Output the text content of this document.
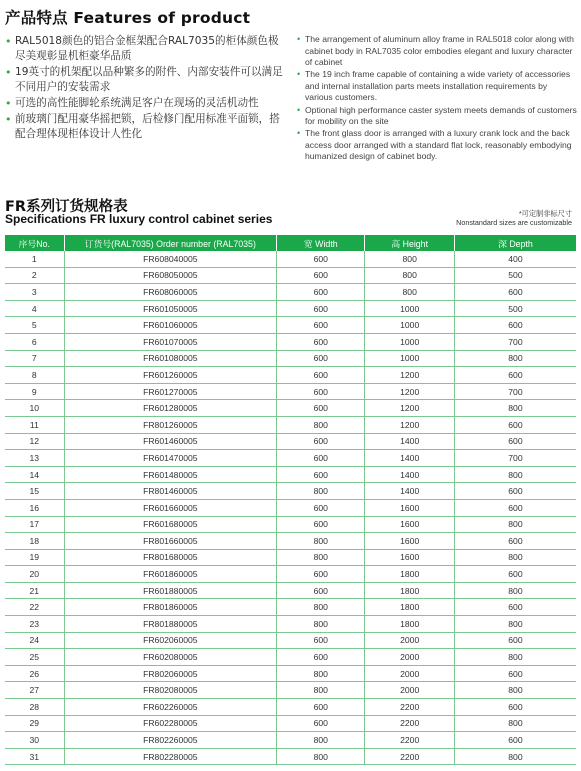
产品特点 Features of product
• RAL5018颜色的铝合金框架配合RAL7035的柜体颜色极尽美观彰显机柜豪华品质
• 19英寸的机架配以品种繁多的附件、内部安装件可以满足不同用户的安装需求
• 可选的高性能脚轮系统满足客户在现场的灵活机动性
• 前玻璃门配用豪华摇把锁，后检修门配用标准平面锁，搭配合理体现柜体设计人性化
• The arrangement of aluminum alloy frame in RAL5018 color along with cabinet body in RAL7035 color embodies elegant and luxury character of cabinet
• The 19 inch frame capable of containing a wide variety of accessories and internal installation parts meets installation requirements by various customers.
• Optional high performance caster system meets demands of customers for mobility on the site
• The front glass door is arranged with a luxury crank lock and the back access door arranged with a standard flat lock, reasonably embodying humanized design of cabinet body.
FR系列订货规格表
Specifications FR luxury control cabinet series	*可定制非标尺寸
Nonstandard sizes are customizable
序号No.	订货号(RAL7035) Order number (RAL7035)	宽 Width	高 Height	深 Depth
1	FR608040005	600	800	400
2	FR608050005	600	800	500
3	FR608060005	600	800	600
4	FR601050005	600	1000	500
5	FR601060005	600	1000	600
6	FR601070005	600	1000	700
7	FR601080005	600	1000	800
8	FR601260005	600	1200	600
9	FR601270005	600	1200	700
10	FR601280005	600	1200	800
11	FR801260005	800	1200	600
12	FR601460005	600	1400	600
13	FR601470005	600	1400	700
14	FR601480005	600	1400	800
15	FR801460005	800	1400	600
16	FR601660005	600	1600	600
17	FR601680005	600	1600	800
18	FR801660005	800	1600	600
19	FR801680005	800	1600	800
20	FR601860005	600	1800	600
21	FR601880005	600	1800	800
22	FR801860005	800	1800	600
23	FR801880005	800	1800	800
24	FR602060005	600	2000	600
25	FR602080005	600	2000	800
26	FR802060005	800	2000	600
27	FR802080005	800	2000	800
28	FR602260005	600	2200	600
29	FR602280005	600	2200	800
30	FR802260005	800	2200	600
31	FR802280005	800	2200	800
